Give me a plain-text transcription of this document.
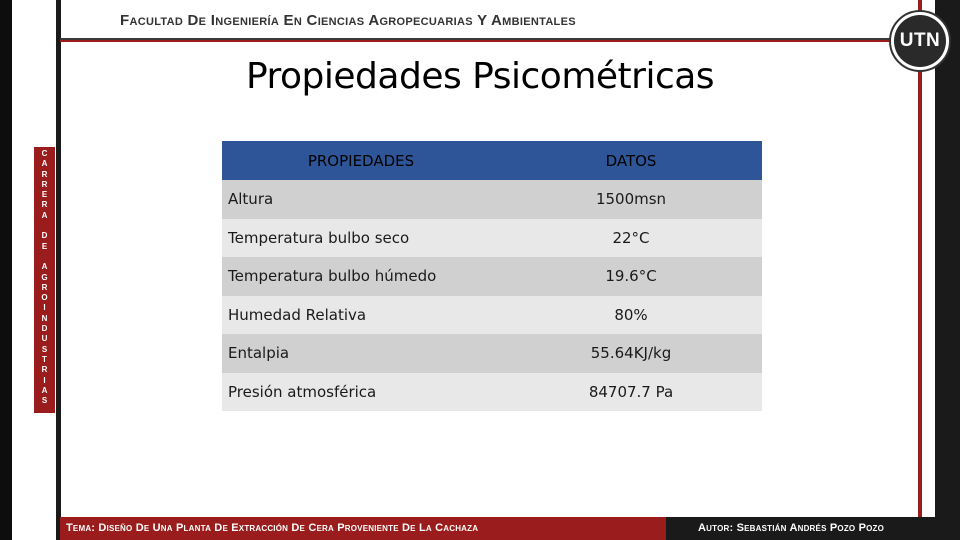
Facultad De Ingeniería En Ciencias Agropecuarias Y Ambientales
UTN
C
A
R
R
E
R
A

D
E

A
G
R
O
I
N
D
U
S
T
R
I
A
S
Propiedades Psicométricas
PROPIEDADES	DATOS
Altura	1500msn
Temperatura bulbo seco	22°C
Temperatura bulbo húmedo	19.6°C
Humedad Relativa	80%
Entalpia	55.64KJ/kg
Presión atmosférica	84707.7 Pa
Tema: Diseño De Una Planta De Extracción De Cera Proveniente De La Cachaza	Autor: Sebastián Andrés Pozo Pozo
